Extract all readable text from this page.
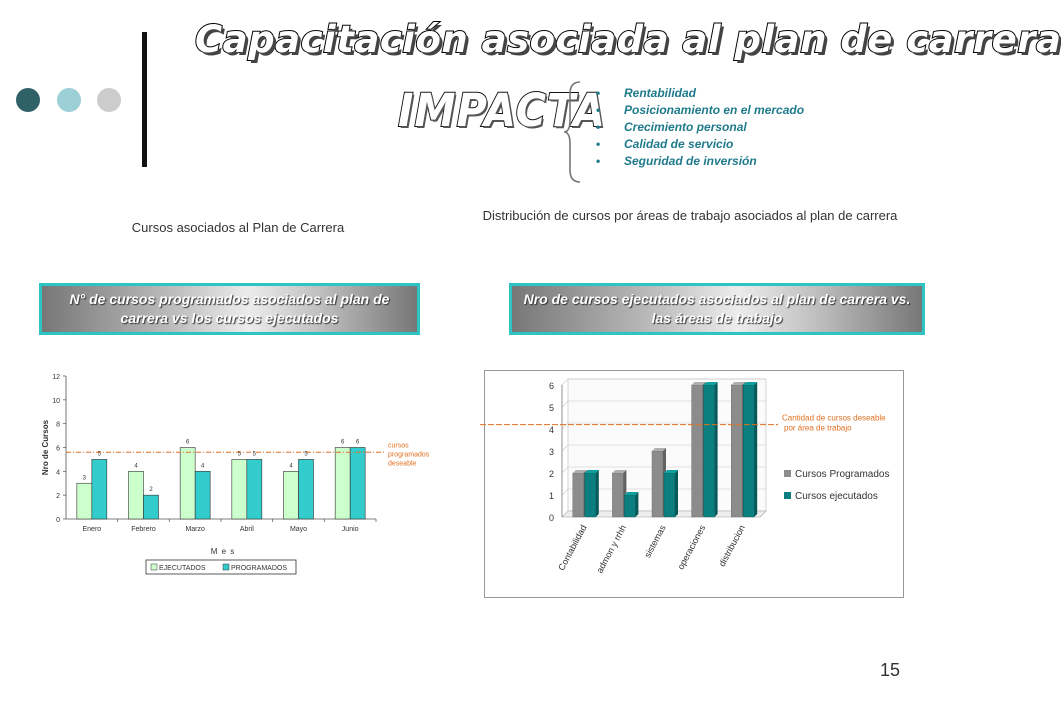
Capacitación asociada al plan de carrera
IMPACTA
•	Rentabilidad
• Posicionamiento en el mercado
• Crecimiento personal
• Calidad de servicio
• Seguridad de inversión
Cursos asociados al Plan de Carrera
Distribución de cursos por áreas de trabajo asociados al plan de carrera
N° de cursos programados asociados al plan de carrera vs los cursos ejecutados
Nro de cursos ejecutados asociados al plan de carrera vs. las áreas de trabajo
0
2
4
6
8
10
12
Nro de Cursos
Enero
3
5
Febrero
4
2
Marzo
6
4
Abril
5 5
Mayo
4
5
Junio
6 6	cursos programados deseable
M e s
EJECUTADOS	PROGRAMADOS
0
1
2
3
4
5
6
Contabilidad admon y rrhh sistemas operaciones distribucion
Cantidad de cursos deseable por área de trabajo
Cursos Programados
Cursos ejecutados
15
